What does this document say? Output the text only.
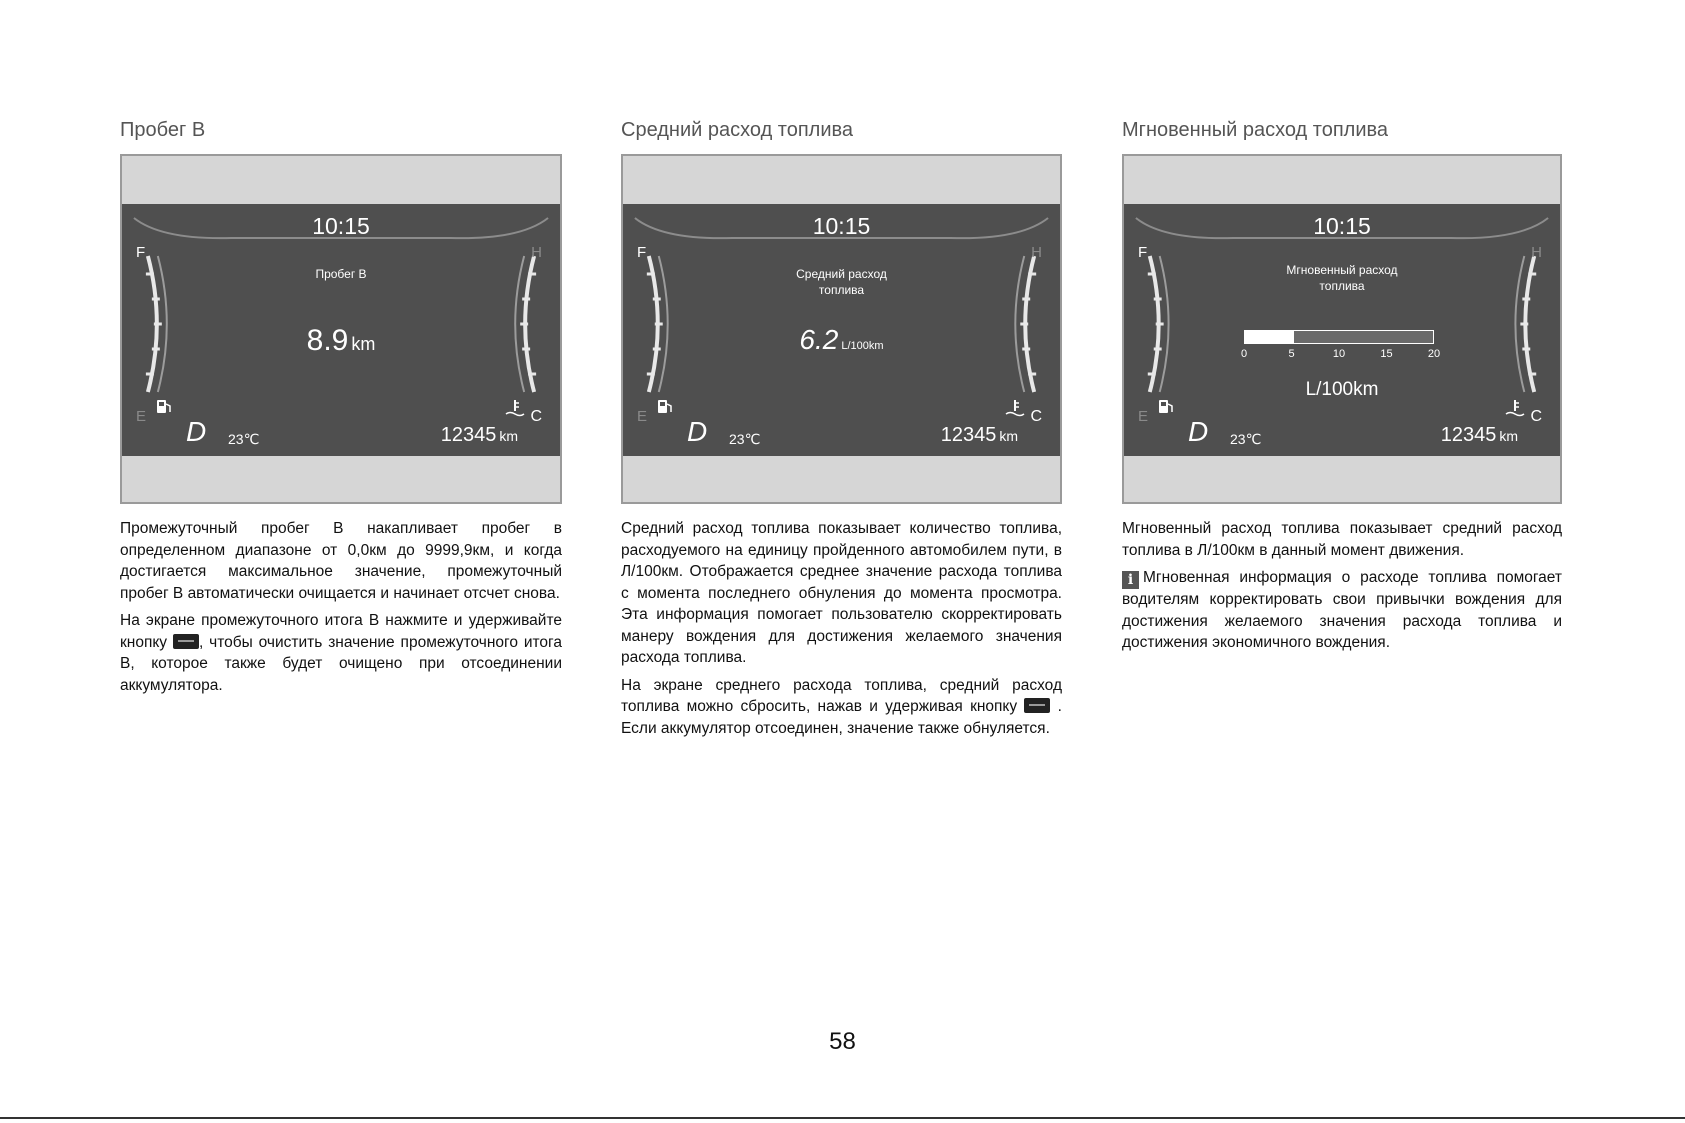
Пробег В
10:15
F
E
H
C
Пробег В
8.9 km
D 23℃	12345 km

Промежуточный пробег В накапливает пробег в определенном диапазоне от 0,0км до 9999,9км, и когда достигается максимальное значение, промежуточный пробег В автоматически очищается и начинает отсчет снова.

На экране промежуточного итога В нажмите и удерживайте кнопку , чтобы очистить значение промежуточного итога В, которое также будет очищено при отсоединении аккумулятора.

Средний расход топлива
10:15
F
E
H
C
Средний расход
топлива
6.2 L/100km
D 23℃	12345 km

Средний расход топлива показывает количество топлива, расходуемого на единицу пройденного автомобилем пути, в Л/100км. Отображается среднее значение расхода топлива с момента последнего обнуления до момента просмотра. Эта информация помогает пользователю скорректировать манеру вождения для достижения желаемого значения расхода топлива.

На экране среднего расхода топлива, средний расход топлива можно сбросить, нажав и удерживая кнопку  . Если аккумулятор отсоединен, значение также обнуляется.

Мгновенный расход топлива
10:15
F
E
H
C
Мгновенный расход
топлива
0	5	10	15	20
L/100km
D 23℃	12345 km

Мгновенный расход топлива показывает средний расход топлива в Л/100км в данный момент движения.

i Мгновенная информация о расходе топлива помогает водителям корректировать свои привычки вождения для достижения желаемого значения расхода топлива и достижения экономичного вождения.

58
